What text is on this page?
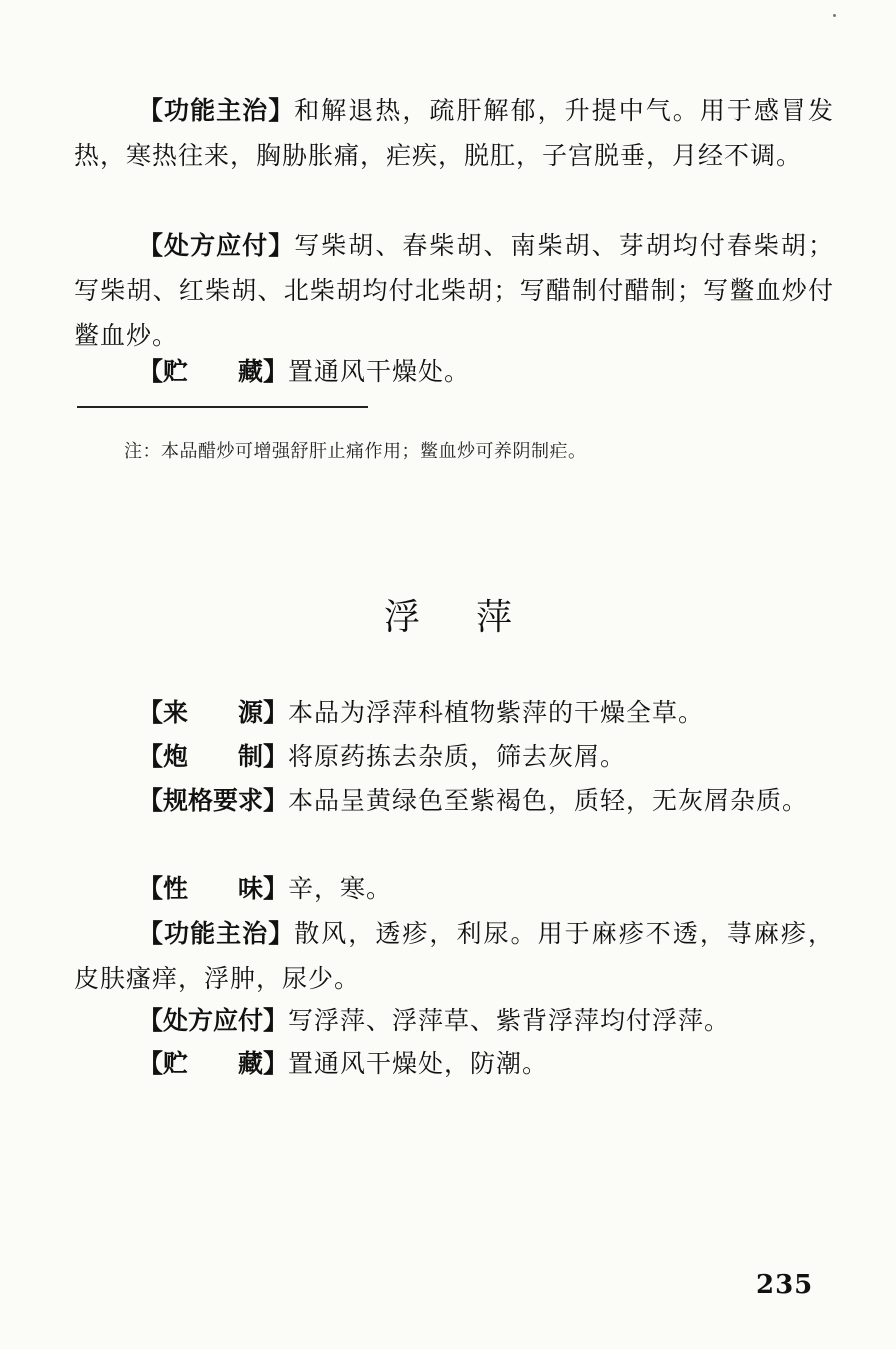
【功能主治】和解退热，疏肝解郁，升提中气。用于感冒发热，寒热往来，胸胁胀痛，疟疾，脱肛，子宫脱垂，月经不调。

【处方应付】写柴胡、春柴胡、南柴胡、芽胡均付春柴胡；写柴胡、红柴胡、北柴胡均付北柴胡；写醋制付醋制；写鳖血炒付鳖血炒。

【贮　　藏】置通风干燥处。

注：本品醋炒可增强舒肝止痛作用；鳖血炒可养阴制疟。
浮萍

【来　　源】本品为浮萍科植物紫萍的干燥全草。

【炮　　制】将原药拣去杂质，筛去灰屑。

【规格要求】本品呈黄绿色至紫褐色，质轻，无灰屑杂质。

【性　　味】辛，寒。

【功能主治】散风，透疹，利尿。用于麻疹不透，荨麻疹，皮肤瘙痒，浮肿，尿少。

【处方应付】写浮萍、浮萍草、紫背浮萍均付浮萍。

【贮　　藏】置通风干燥处，防潮。

235
